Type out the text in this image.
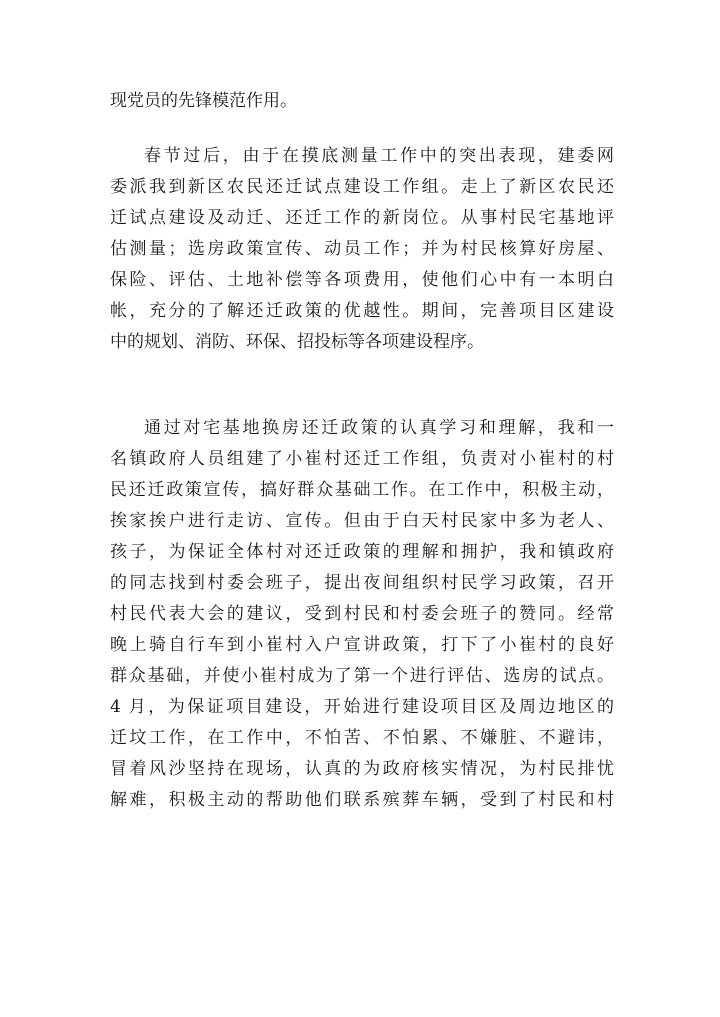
现党员的先锋模范作用。
春节过后，由于在摸底测量工作中的突出表现，建委网
委派我到新区农民还迁试点建设工作组。走上了新区农民还
迁试点建设及动迁、还迁工作的新岗位。从事村民宅基地评
估测量；选房政策宣传、动员工作；并为村民核算好房屋、
保险、评估、土地补偿等各项费用，使他们心中有一本明白
帐，充分的了解还迁政策的优越性。期间，完善项目区建设
中的规划、消防、环保、招投标等各项建设程序。
通过对宅基地换房还迁政策的认真学习和理解，我和一
名镇政府人员组建了小崔村还迁工作组，负责对小崔村的村
民还迁政策宣传，搞好群众基础工作。在工作中，积极主动，
挨家挨户进行走访、宣传。但由于白天村民家中多为老人、
孩子，为保证全体村对还迁政策的理解和拥护，我和镇政府
的同志找到村委会班子，提出夜间组织村民学习政策，召开
村民代表大会的建议，受到村民和村委会班子的赞同。经常
晚上骑自行车到小崔村入户宣讲政策，打下了小崔村的良好
群众基础，并使小崔村成为了第一个进行评估、选房的试点。
4 月，为保证项目建设，开始进行建设项目区及周边地区的
迁坟工作，在工作中，不怕苦、不怕累、不嫌脏、不避讳，
冒着风沙坚持在现场，认真的为政府核实情况，为村民排忧
解难，积极主动的帮助他们联系殡葬车辆，受到了村民和村
